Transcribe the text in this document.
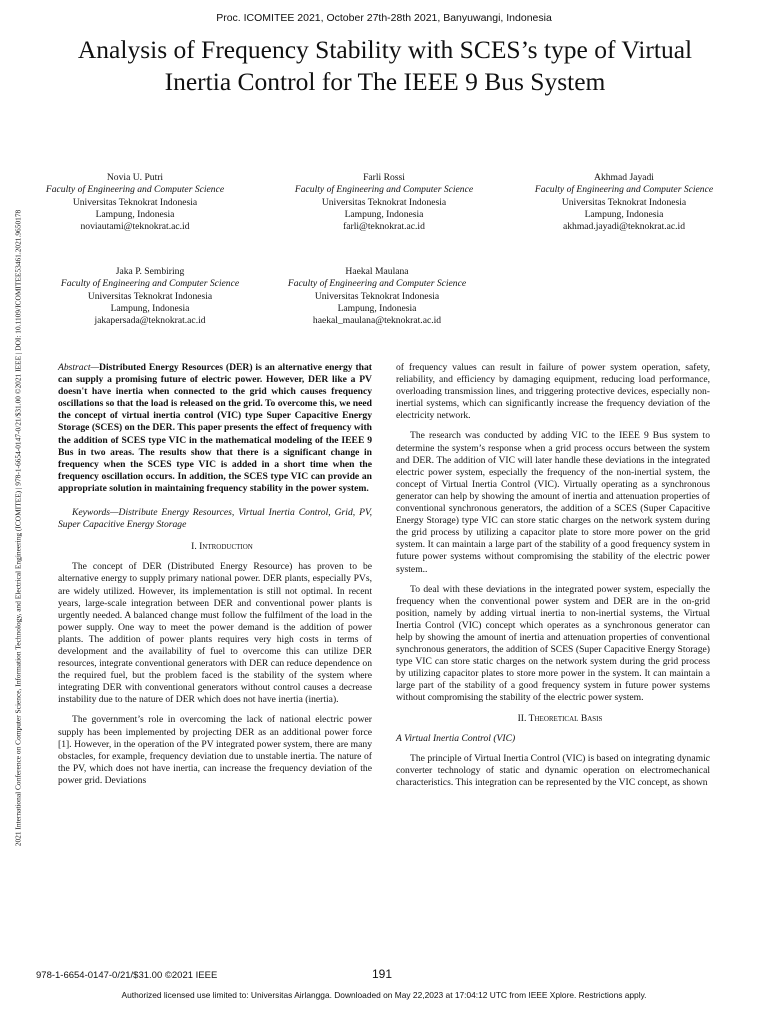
Proc. ICOMITEE 2021, October 27th-28th 2021, Banyuwangi, Indonesia
Analysis of Frequency Stability with SCES’s type of Virtual Inertia Control for The IEEE 9 Bus System
2021 International Conference on Computer Science, Information Technology, and Electrical Engineering (ICOMITEE) | 978-1-6654-0147-0/21/$31.00 ©2021 IEEE | DOI: 10.1109/ICOMITEE53461.2021.9650178
Novia U. Putri
Faculty of Engineering and Computer Science
Universitas Teknokrat Indonesia
Lampung, Indonesia
noviautami@teknokrat.ac.id
Farli Rossi
Faculty of Engineering and Computer Science
Universitas Teknokrat Indonesia
Lampung, Indonesia
farli@teknokrat.ac.id
Akhmad Jayadi
Faculty of Engineering and Computer Science
Universitas Teknokrat Indonesia
Lampung, Indonesia
akhmad.jayadi@teknokrat.ac.id
Jaka P. Sembiring
Faculty of Engineering and Computer Science
Universitas Teknokrat Indonesia
Lampung, Indonesia
jakapersada@teknokrat.ac.id
Haekal Maulana
Faculty of Engineering and Computer Science
Universitas Teknokrat Indonesia
Lampung, Indonesia
haekal_maulana@teknokrat.ac.id

Abstract—Distributed Energy Resources (DER) is an alternative energy that can supply a promising future of electric power. However, DER like a PV doesn't have inertia when connected to the grid which causes frequency oscillations so that the load is released on the grid. To overcome this, we need the concept of virtual inertia control (VIC) type Super Capacitive Energy Storage (SCES) on the DER. This paper presents the effect of frequency with the addition of SCES type VIC in the mathematical modeling of the IEEE 9 Bus in two areas. The results show that there is a significant change in frequency when the SCES type VIC is added in a short time when the frequency oscillation occurs. In addition, the SCES type VIC can provide an appropriate solution in maintaining frequency stability in the power system.

Keywords—Distribute Energy Resources, Virtual Inertia Control, Grid, PV, Super Capacitive Energy Storage

I. Introduction

The concept of DER (Distributed Energy Resource) has proven to be alternative energy to supply primary national power. DER plants, especially PVs, are widely utilized. However, its implementation is still not optimal. In recent years, large-scale integration between DER and conventional power plants is urgently needed. A balanced change must follow the fulfilment of the load in the power supply. One way to meet the power demand is the addition of power plants. The addition of power plants requires very high costs in terms of development and the availability of fuel to overcome this can utilize DER resources, integrate conventional generators with DER can reduce dependence on the required fuel, but the problem faced is the stability of the system where integrating DER with conventional generators without control causes a decrease instability due to the nature of DER which does not have inertia (inertia).

The government’s role in overcoming the lack of national electric power supply has been implemented by projecting DER as an additional power force [1]. However, in the operation of the PV integrated power system, there are many obstacles, for example, frequency deviation due to unstable inertia. The nature of the PV, which does not have inertia, can increase the frequency deviation of the power grid. Deviations

of frequency values can result in failure of power system operation, safety, reliability, and efficiency by damaging equipment, reducing load performance, overloading transmission lines, and triggering protective devices, especially non-inertial systems, which can significantly increase the frequency deviation of the electricity network.

The research was conducted by adding VIC to the IEEE 9 Bus system to determine the system’s response when a grid process occurs between the system and DER. The addition of VIC will later handle these deviations in the integrated electric power system, especially the frequency of the non-inertial system, the concept of Virtual Inertia Control (VIC). Virtually operating as a synchronous generator can help by showing the amount of inertia and attenuation properties of conventional synchronous generators, the addition of a SCES (Super Capacitive Energy Storage) type VIC can store static charges on the network system during the grid process by utilizing a capacitor plate to store more power on the grid system. It can maintain a large part of the stability of a good frequency system in future power systems without compromising the stability of the electric power system..

To deal with these deviations in the integrated power system, especially the frequency when the conventional power system and DER are in the on-grid position, namely by adding virtual inertia to non-inertial systems, the Virtual Inertia Control (VIC) concept which operates as a synchronous generator can help by showing the amount of inertia and attenuation properties of conventional synchronous generators, the addition of SCES (Super Capacitive Energy Storage) type VIC can store static charges on the network system during the grid process by utilizing capacitor plates to store more power in the system. It can maintain a large part of the stability of a good frequency system in future power systems without compromising the stability of the electric power system.

II. Theoretical Basis

A Virtual Inertia Control (VIC)

The principle of Virtual Inertia Control (VIC) is based on integrating dynamic converter technology of static and dynamic operation on electromechanical characteristics. This integration can be represented by the VIC concept, as shown

978-1-6654-0147-0/21/$31.00 ©2021 IEEE	191
Authorized licensed use limited to: Universitas Airlangga. Downloaded on May 22,2023 at 17:04:12 UTC from IEEE Xplore. Restrictions apply.
